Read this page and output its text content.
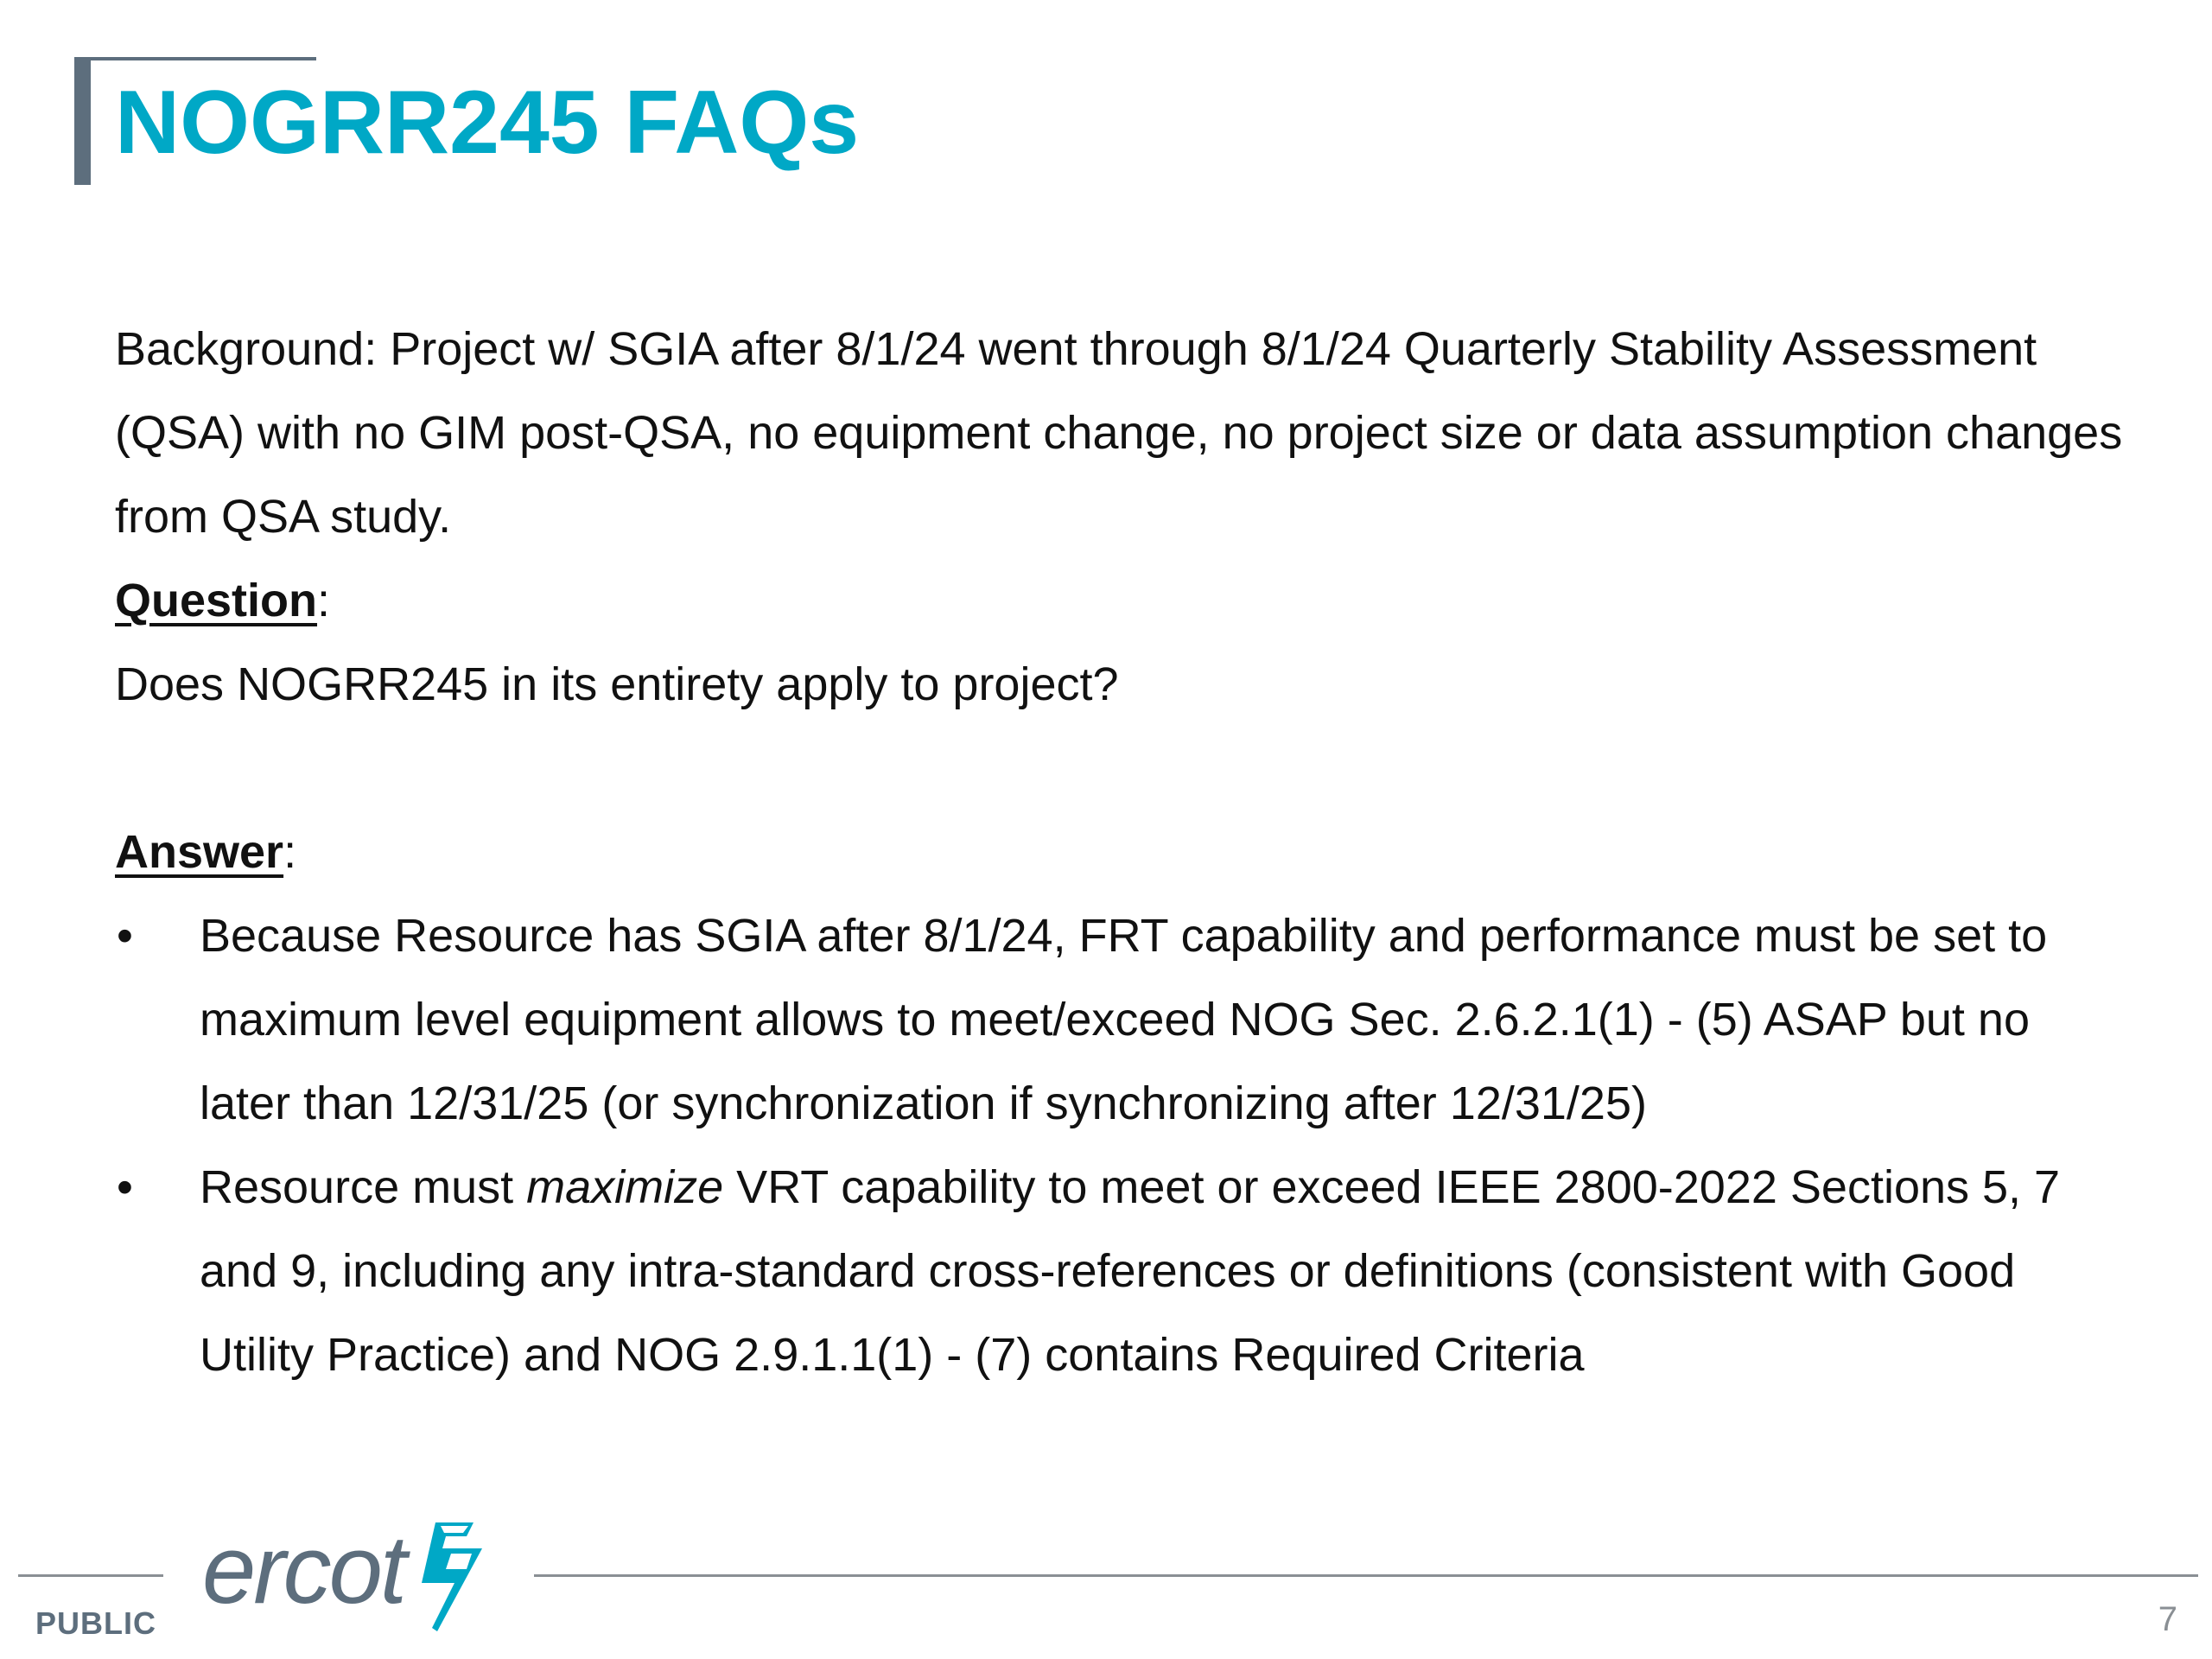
NOGRR245 FAQs

Background: Project w/ SGIA after 8/1/24 went through 8/1/24 Quarterly Stability Assessment (QSA) with no GIM post-QSA, no equipment change, no project size or data assumption changes from QSA study.

Question:

Does NOGRR245 in its entirety apply to project?

Answer:

• Because Resource has SGIA after 8/1/24, FRT capability and performance must be set to maximum level equipment allows to meet/exceed NOG Sec. 2.6.2.1(1) - (5) ASAP but no later than 12/31/25 (or synchronization if synchronizing after 12/31/25)
• Resource must maximize VRT capability to meet or exceed IEEE 2800-2022 Sections 5, 7 and 9, including any intra-standard cross-references or definitions (consistent with Good Utility Practice) and NOG 2.9.1.1(1) - (7) contains Required Criteria
ercot
PUBLIC	7
